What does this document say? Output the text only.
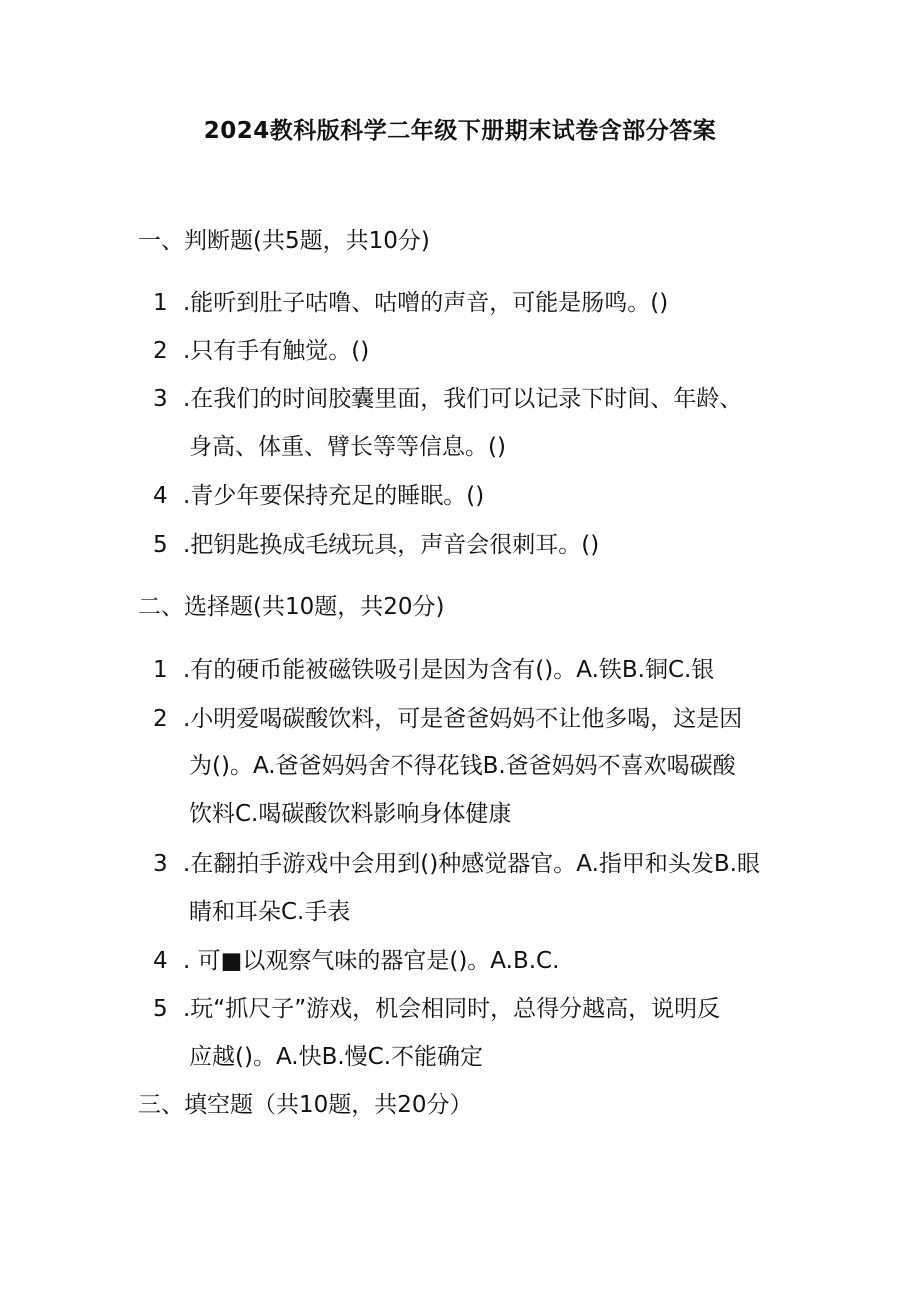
2024教科版科学二年级下册期末试卷含部分答案
一、判断题(共5题，共10分)
1 .能听到肚子咕噜、咕噌的声音，可能是肠鸣。()
2 .只有手有触觉。()
3 .在我们的时间胶囊里面，我们可以记录下时间、年龄、
身高、体重、臂长等等信息。()
4 .青少年要保持充足的睡眠。()
5 .把钥匙换成毛绒玩具，声音会很刺耳。()
二、选择题(共10题，共20分)
1 .有的硬币能被磁铁吸引是因为含有()。A.铁B.铜C.银
2 .小明爱喝碳酸饮料，可是爸爸妈妈不让他多喝，这是因
为()。A.爸爸妈妈舍不得花钱B.爸爸妈妈不喜欢喝碳酸
饮料C.喝碳酸饮料影响身体健康
3 .在翻拍手游戏中会用到()种感觉器官。A.指甲和头发B.眼
睛和耳朵C.手表
4 . 可■以观察气味的器官是()。A.B.C.
5 .玩“抓尺子”游戏，机会相同时，总得分越高，说明反
应越()。A.快B.慢C.不能确定
三、填空题（共10题，共20分）
